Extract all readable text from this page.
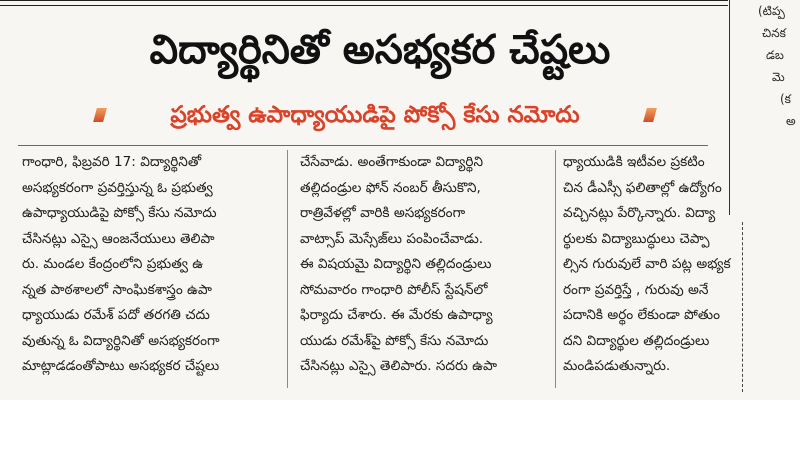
విద్యార్థినితో అసభ్యకర చేష్టలు
ప్రభుత్వ ఉపాధ్యాయుడిపై పోక్సో కేసు నమోదు
గాంధారి, ఫిబ్రవరి 17: విద్యార్థినితో
అసభ్యకరంగా ప్రవర్తిస్తున్న ఓ ప్రభుత్వ
ఉపాధ్యాయుడిపై పోక్సో కేసు నమోదు
చేసినట్లు ఎస్సై ఆంజనేయులు తెలిపా
రు. మండల కేంద్రంలోని ప్రభుత్వ ఉ
న్నత పాఠశాలలో సాంఘికశాస్త్రం ఉపా
ధ్యాయుడు రమేశ్ పదో తరగతి చదు
వుతున్న ఓ విద్యార్థినితో అసభ్యకరంగా
మాట్లాడడంతోపాటు అసభ్యకర చేష్టలు
చేసేవాడు. అంతేగాకుండా విద్యార్థిని
తల్లిదండ్రుల ఫోన్ నంబర్ తీసుకొని,
రాత్రివేళల్లో వారికి అసభ్యకరంగా
వాట్సాప్ మెస్సేజ్‌లు పంపించేవాడు.
ఈ విషయమై విద్యార్థిని తల్లిదండ్రులు
సోమవారం గాంధారి పోలీస్ స్టేషన్‌లో
ఫిర్యాదు చేశారు. ఈ మేరకు ఉపాధ్యా
యుడు రమేశ్‌పై పోక్సో కేసు నమోదు
చేసినట్లు ఎస్సై తెలిపారు. సదరు ఉపా
ధ్యాయుడికి ఇటీవల ప్రకటిం
చిన డీఎస్సీ ఫలితాల్లో ఉద్యోగం
వచ్చినట్లు పేర్కొన్నారు. విద్యా
ర్థులకు విద్యాబుద్ధులు చెప్పా
ల్సిన గురువులే వారి పట్ల అభ్యక
రంగా ప్రవర్తిస్తే , గురువు అనే
పదానికి అర్థం లేకుండా పోతుం
దని విద్యార్థుల తల్లిదండ్రులు
మండిపడుతున్నారు.
(టిప్ప
చినక
డబ
మె
(క
అ
